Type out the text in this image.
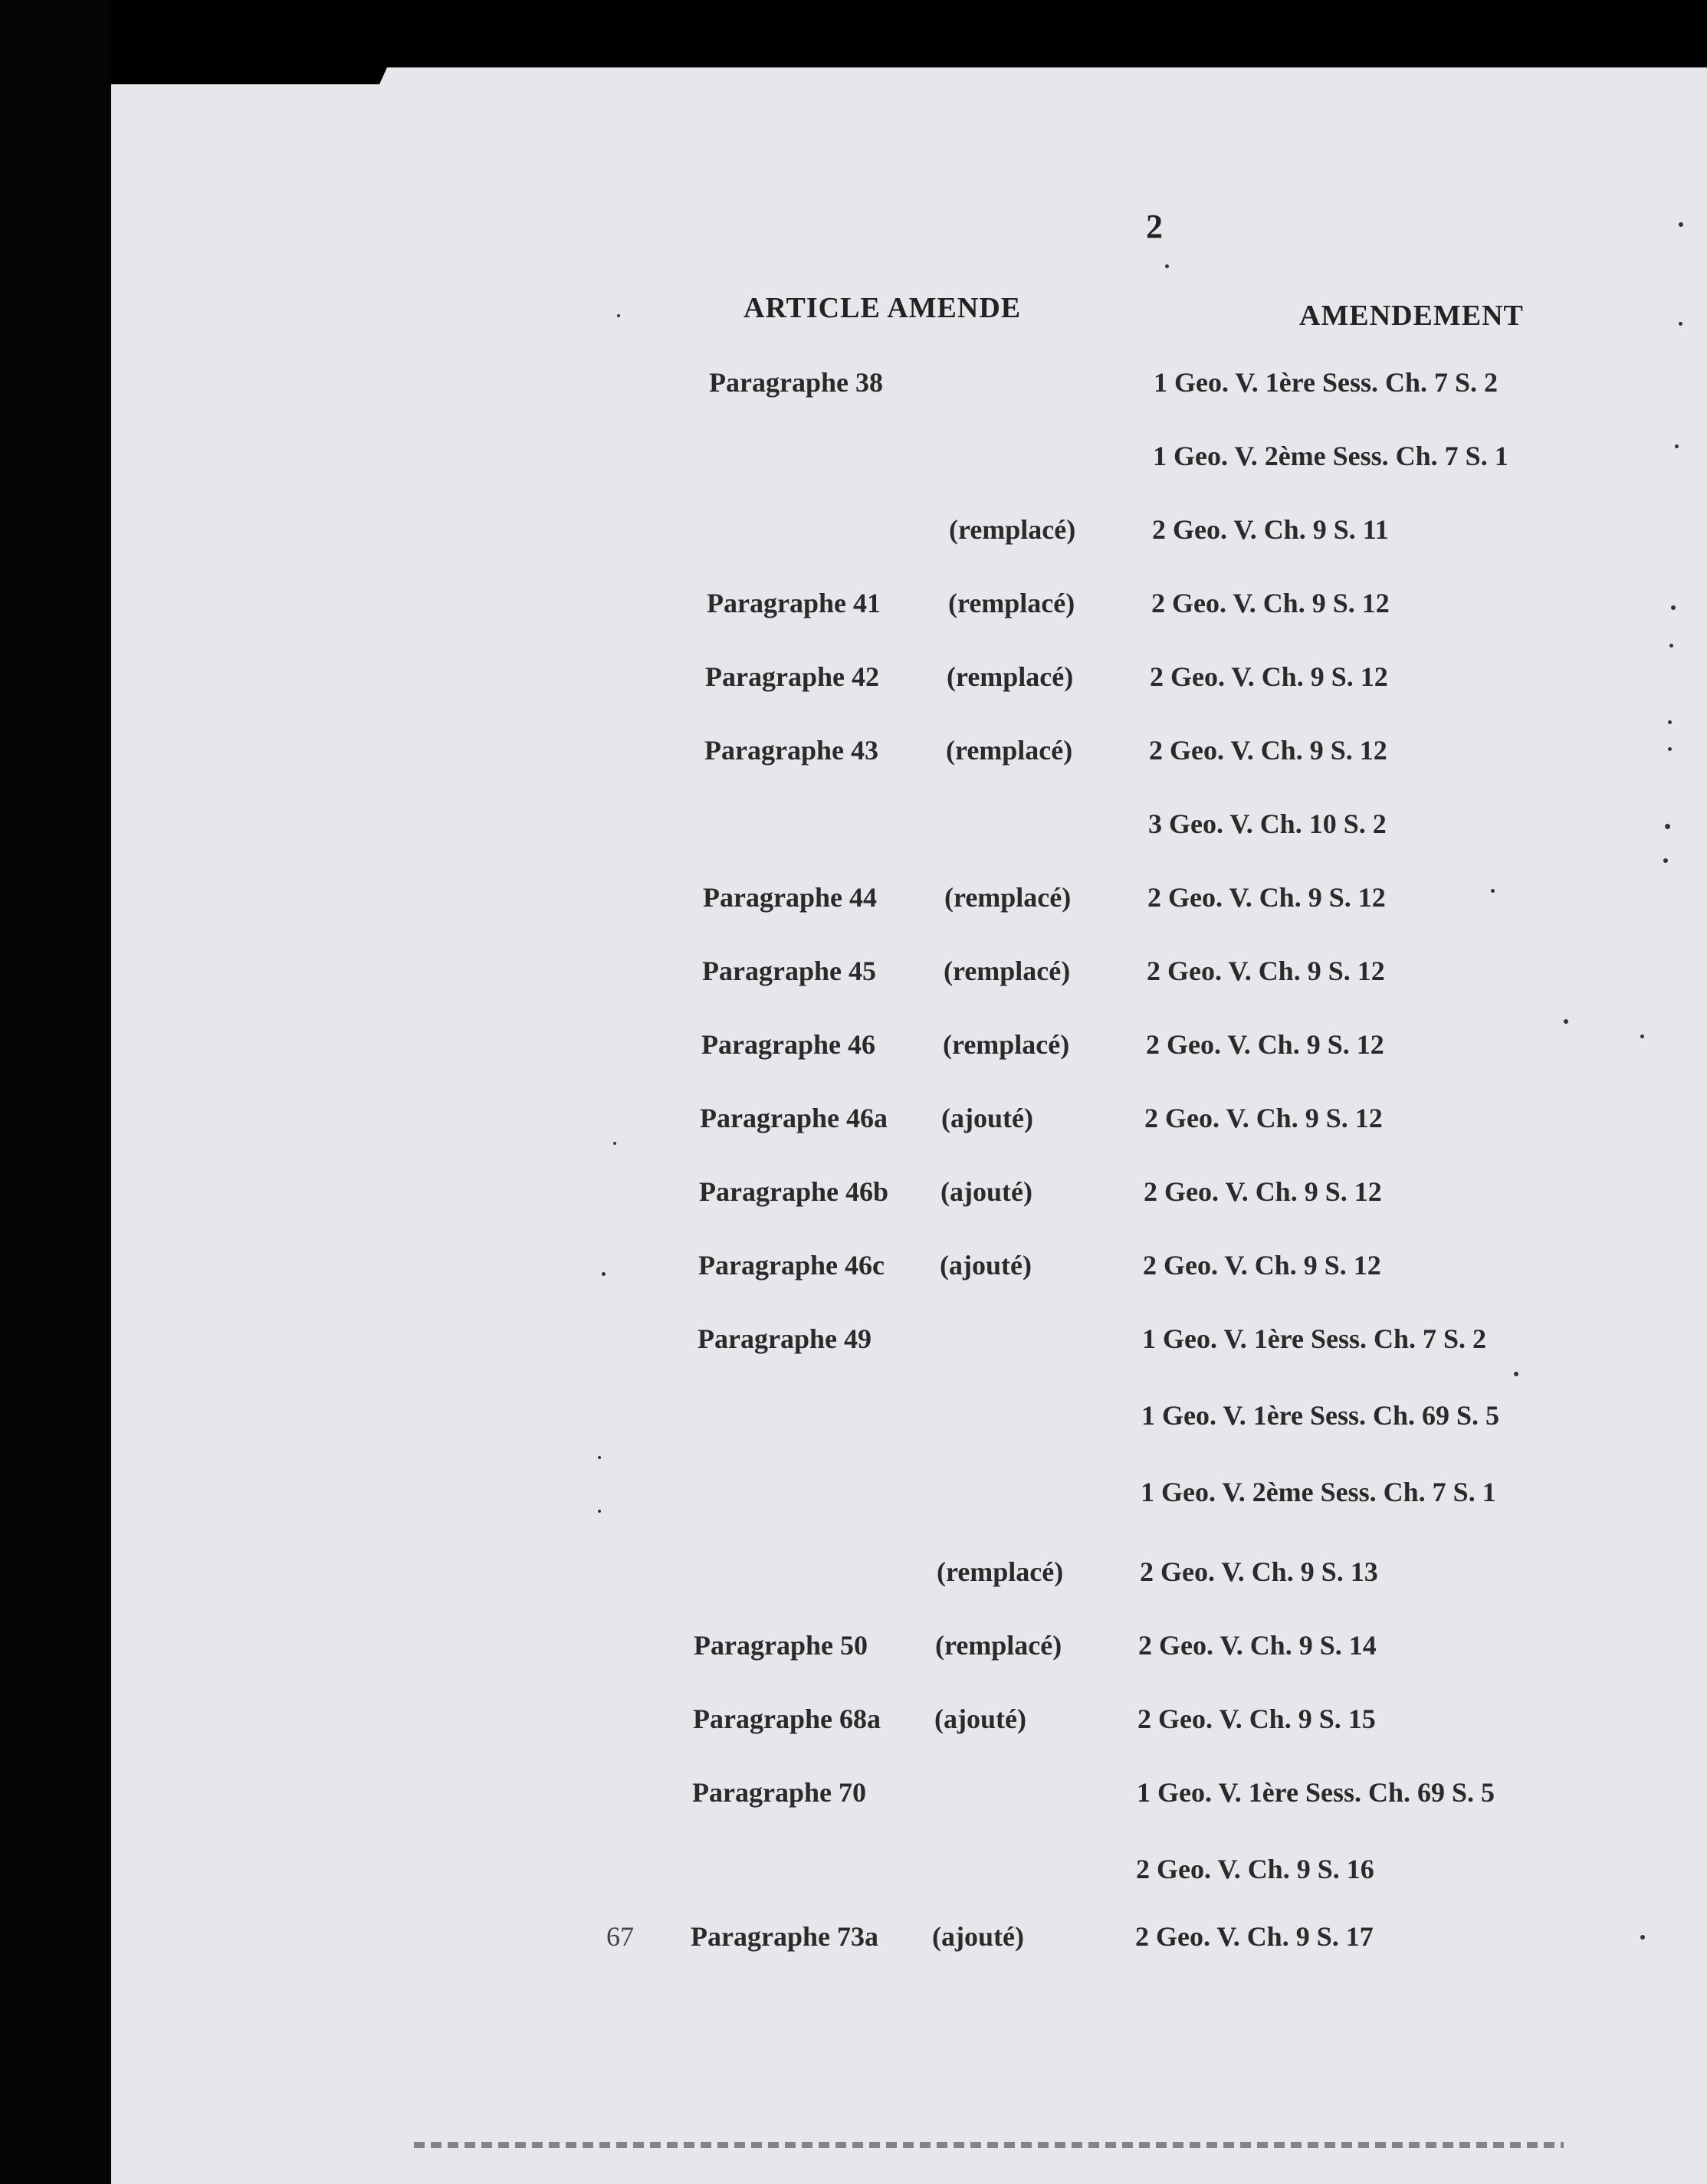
2
ARTICLE AMENDE	AMENDEMENT
Paragraphe 38	1 Geo. V. 1ère Sess. Ch. 7 S. 2
1 Geo. V. 2ème Sess. Ch. 7 S. 1
(remplacé)	2 Geo. V. Ch. 9 S. 11
Paragraphe 41 (remplacé)	2 Geo. V. Ch. 9 S. 12
Paragraphe 42 (remplacé)	2 Geo. V. Ch. 9 S. 12
Paragraphe 43 (remplacé)	2 Geo. V. Ch. 9 S. 12
3 Geo. V. Ch. 10 S. 2
Paragraphe 44 (remplacé)	2 Geo. V. Ch. 9 S. 12
Paragraphe 45 (remplacé)	2 Geo. V. Ch. 9 S. 12
Paragraphe 46 (remplacé)	2 Geo. V. Ch. 9 S. 12
Paragraphe 46a (ajouté)	2 Geo. V. Ch. 9 S. 12
Paragraphe 46b (ajouté)	2 Geo. V. Ch. 9 S. 12
Paragraphe 46c (ajouté)	2 Geo. V. Ch. 9 S. 12
Paragraphe 49	1 Geo. V. 1ère Sess. Ch. 7 S. 2
1 Geo. V. 1ère Sess. Ch. 69 S. 5
1 Geo. V. 2ème Sess. Ch. 7 S. 1
(remplacé)	2 Geo. V. Ch. 9 S. 13
Paragraphe 50 (remplacé)	2 Geo. V. Ch. 9 S. 14
Paragraphe 68a (ajouté)	2 Geo. V. Ch. 9 S. 15
Paragraphe 70	1 Geo. V. 1ère Sess. Ch. 69 S. 5
2 Geo. V. Ch. 9 S. 16
67 Paragraphe 73a (ajouté)	2 Geo. V. Ch. 9 S. 17
